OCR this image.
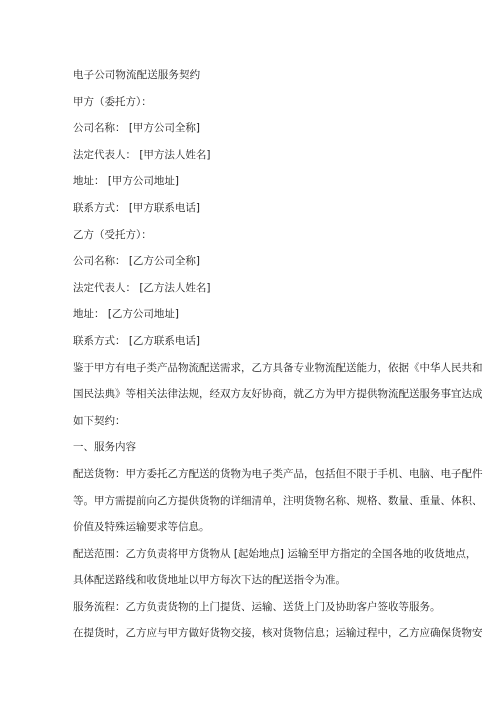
电子公司物流配送服务契约

甲方（委托方）：

公司名称： [甲方公司全称]

法定代表人： [甲方法人姓名]

地址： [甲方公司地址]

联系方式： [甲方联系电话]

乙方（受托方）：

公司名称： [乙方公司全称]

法定代表人： [乙方法人姓名]

地址： [乙方公司地址]

联系方式： [乙方联系电话]

鉴于甲方有电子类产品物流配送需求，乙方具备专业物流配送能力，依据《中华人民共和

国民法典》等相关法律法规，经双方友好协商，就乙方为甲方提供物流配送服务事宜达成

如下契约：

一、服务内容

配送货物：甲方委托乙方配送的货物为电子类产品，包括但不限于手机、电脑、电子配件

等。甲方需提前向乙方提供货物的详细清单，注明货物名称、规格、数量、重量、体积、

价值及特殊运输要求等信息。

配送范围：乙方负责将甲方货物从 [起始地点] 运输至甲方指定的全国各地的收货地点，

具体配送路线和收货地址以甲方每次下达的配送指令为准。

服务流程：乙方负责货物的上门提货、运输、送货上门及协助客户签收等服务。

在提货时，乙方应与甲方做好货物交接，核对货物信息；运输过程中，乙方应确保货物安
